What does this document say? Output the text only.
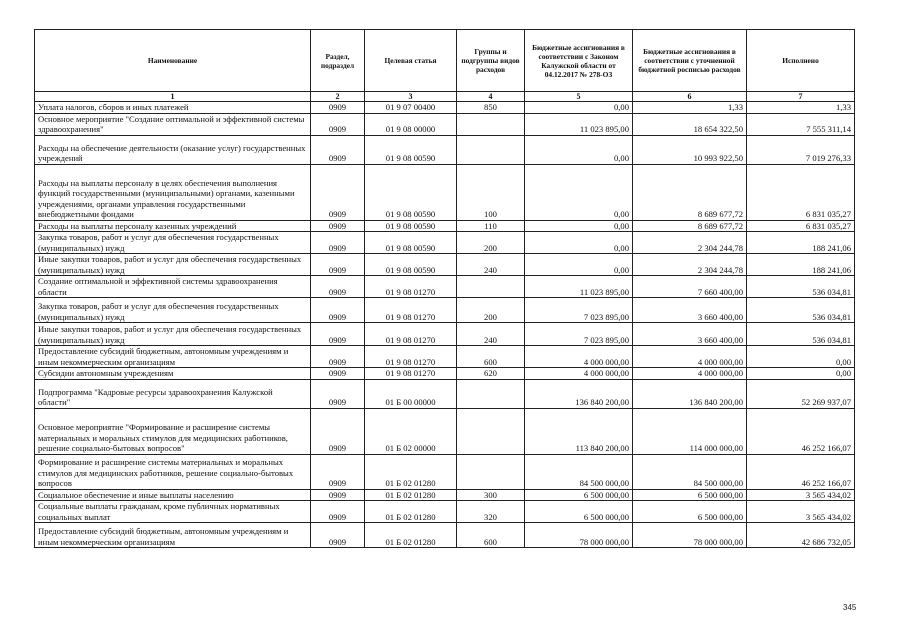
Наименование	Раздел, подраздел	Целевая статья	Группы и подгруппы видов расходов	Бюджетные ассигнования в соответствии с Законом Калужской области от 04.12.2017 № 278-ОЗ	Бюджетные ассигнования в соответствии с уточненной бюджетной росписью расходов	Исполнено
1	2	3	4	5	6	7
Уплата налогов, сборов и иных платежей	0909	01 9 07 00400	850	0,00	1,33	1,33
Основное мероприятие "Создание оптимальной и эффективной системы здравоохранения"	0909	01 9 08 00000		11 023 895,00	18 654 322,50	7 555 311,14
Расходы на обеспечение деятельности (оказание услуг) государственных учреждений	0909	01 9 08 00590		0,00	10 993 922,50	7 019 276,33
Расходы на выплаты персоналу в целях обеспечения выполнения функций государственными (муниципальными) органами, казенными учреждениями, органами управления государственными внебюджетными фондами	0909	01 9 08 00590	100	0,00	8 689 677,72	6 831 035,27
Расходы на выплаты персоналу казенных учреждений	0909	01 9 08 00590	110	0,00	8 689 677,72	6 831 035,27
Закупка товаров, работ и услуг для обеспечения государственных (муниципальных) нужд	0909	01 9 08 00590	200	0,00	2 304 244,78	188 241,06
Иные закупки товаров, работ и услуг для обеспечения государственных (муниципальных) нужд	0909	01 9 08 00590	240	0,00	2 304 244,78	188 241,06
Создание оптимальной и эффективной системы здравоохранения области	0909	01 9 08 01270		11 023 895,00	7 660 400,00	536 034,81
Закупка товаров, работ и услуг для обеспечения государственных (муниципальных) нужд	0909	01 9 08 01270	200	7 023 895,00	3 660 400,00	536 034,81
Иные закупки товаров, работ и услуг для обеспечения государственных (муниципальных) нужд	0909	01 9 08 01270	240	7 023 895,00	3 660 400,00	536 034,81
Предоставление субсидий бюджетным, автономным учреждениям и иным некоммерческим организациям	0909	01 9 08 01270	600	4 000 000,00	4 000 000,00	0,00
Субсидии автономным учреждениям	0909	01 9 08 01270	620	4 000 000,00	4 000 000,00	0,00
Подпрограмма "Кадровые ресурсы здравоохранения Калужской области"	0909	01 Б 00 00000		136 840 200,00	136 840 200,00	52 269 937,07
Основное мероприятие "Формирование и расширение системы материальных и моральных стимулов для медицинских работников, решение социально-бытовых вопросов"	0909	01 Б 02 00000		113 840 200,00	114 000 000,00	46 252 166,07
Формирование и расширение системы материальных и моральных стимулов для медицинских работников, решение социально-бытовых вопросов	0909	01 Б 02 01280		84 500 000,00	84 500 000,00	46 252 166,07
Социальное обеспечение и иные выплаты населению	0909	01 Б 02 01280	300	6 500 000,00	6 500 000,00	3 565 434,02
Социальные выплаты гражданам, кроме публичных нормативных социальных выплат	0909	01 Б 02 01280	320	6 500 000,00	6 500 000,00	3 565 434,02
Предоставление субсидий бюджетным, автономным учреждениям и иным некоммерческим организациям	0909	01 Б 02 01280	600	78 000 000,00	78 000 000,00	42 686 732,05
345
